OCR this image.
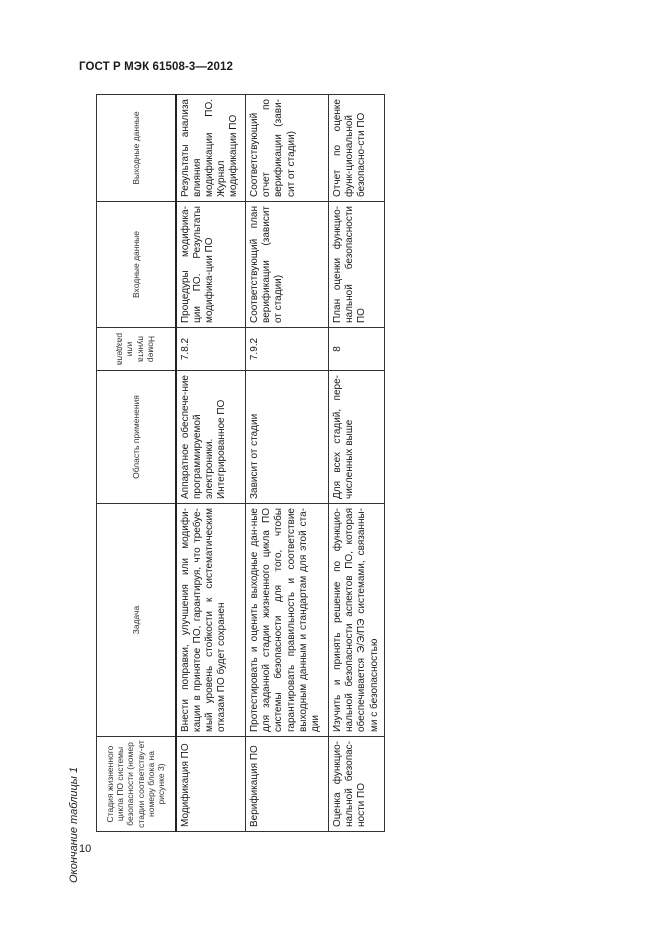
ГОСТ Р МЭК 61508-3—2012
Окончание таблицы 1	Стадия жизненного цикла ПО системы безопасности (номер стадии соответству-ет номеру блока на рисунке 3)	Задача	Область применения	Номер пункта или раздела	Входные данные	Выходные данные
Модификация ПО	Внести поправки, улучшения или модифи-кации в принятое ПО, гарантируя, что требуе-мый уровень стойкости к систематическим отказам ПО будет сохранен	Аппаратное обеспече-ние программируемой электроники. Интегрированное ПО	7.8.2	Процедуры модифика-ции ПО. Результаты модифика-ции ПО	Результаты анализа влияния модификации ПО. Журнал модификации ПО
Верификация ПО	Протестировать и оценить выходные дан-ные для заданной стадии жизненного цикла ПО системы безопасности для того, чтобы гарантировать правильность и соответствие выходным данным и стандартам для этой ста-дии	Зависит от стадии	7.9.2	Соответствующий план верификации (зависит от стадии)	Соответствующий отчет по верификации (зави-сит от стадии)
Оценка функцио-нальной безопас-ности ПО	Изучить и принять решение по функцио-нальной безопасности аспектов ПО, которая обеспечивается Э/Э/ПЭ системами, связанны-ми с безопасностью	Для всех стадий, пере-численных выше	8	План оценки функцио-нальной безопасности ПО	Отчет по оценке функ-циональной безопасно-сти ПО
10
